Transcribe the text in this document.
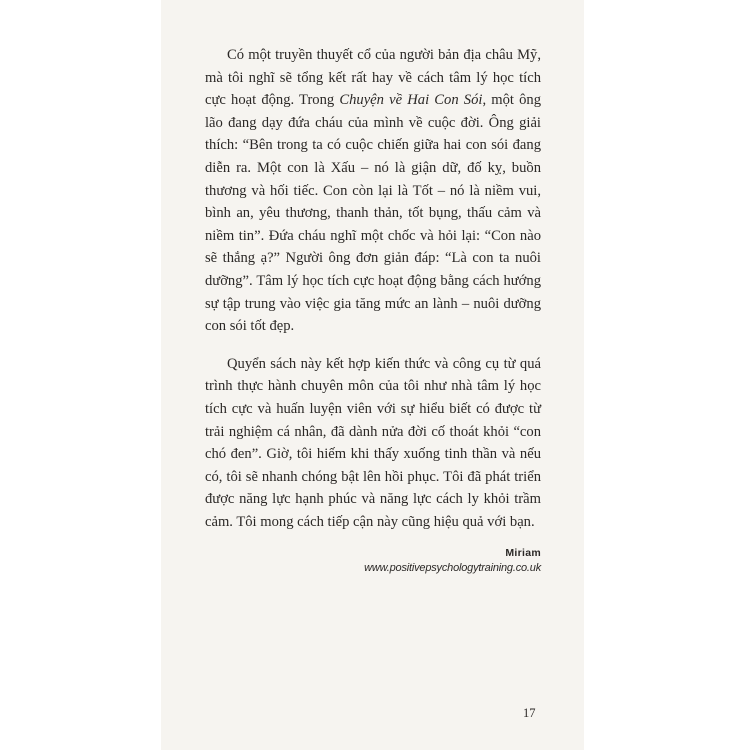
Có một truyền thuyết cổ của người bản địa châu Mỹ, mà tôi nghĩ sẽ tổng kết rất hay về cách tâm lý học tích cực hoạt động. Trong Chuyện về Hai Con Sói, một ông lão đang dạy đứa cháu của mình về cuộc đời. Ông giải thích: “Bên trong ta có cuộc chiến giữa hai con sói đang diễn ra. Một con là Xấu – nó là giận dữ, đố kỵ, buồn thương và hối tiếc. Con còn lại là Tốt – nó là niềm vui, bình an, yêu thương, thanh thản, tốt bụng, thấu cảm và niềm tin”. Đứa cháu nghĩ một chốc và hỏi lại: “Con nào sẽ thắng ạ?” Người ông đơn giản đáp: “Là con ta nuôi dưỡng”. Tâm lý học tích cực hoạt động bằng cách hướng sự tập trung vào việc gia tăng mức an lành – nuôi dưỡng con sói tốt đẹp.

Quyển sách này kết hợp kiến thức và công cụ từ quá trình thực hành chuyên môn của tôi như nhà tâm lý học tích cực và huấn luyện viên với sự hiểu biết có được từ trải nghiệm cá nhân, đã dành nửa đời cố thoát khỏi “con chó đen”. Giờ, tôi hiếm khi thấy xuống tinh thần và nếu có, tôi sẽ nhanh chóng bật lên hồi phục. Tôi đã phát triển được năng lực hạnh phúc và năng lực cách ly khỏi trầm cảm. Tôi mong cách tiếp cận này cũng hiệu quả với bạn.

Miriam
www.positivepsychologytraining.co.uk
17
